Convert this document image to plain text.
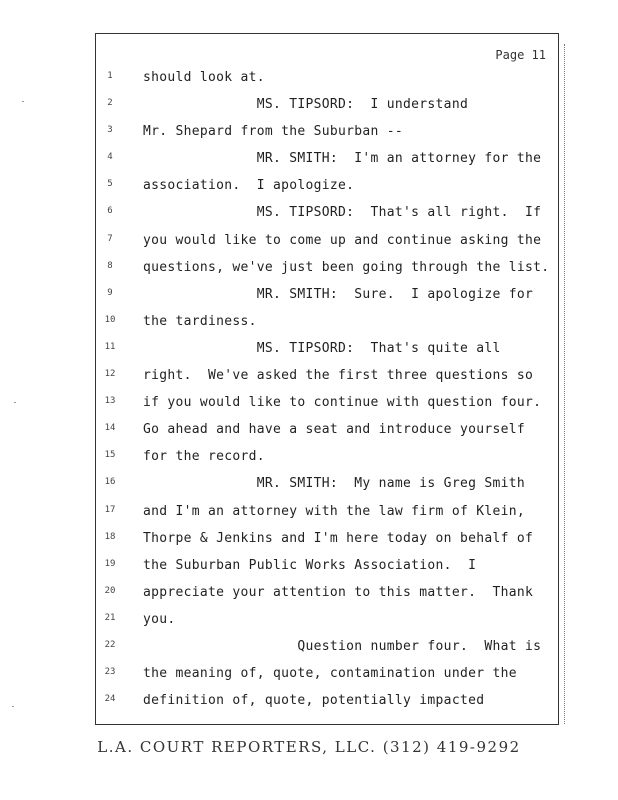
Page 11
1	should look at.
2	MS. TIPSORD:  I understand
3	Mr. Shepard from the Suburban --
4	MR. SMITH:  I'm an attorney for the
5	association.  I apologize.
6	MS. TIPSORD:  That's all right.  If
7	you would like to come up and continue asking the
8	questions, we've just been going through the list.
9	MR. SMITH:  Sure.  I apologize for
10	the tardiness.
11	MS. TIPSORD:  That's quite all
12	right.  We've asked the first three questions so
13	if you would like to continue with question four.
14	Go ahead and have a seat and introduce yourself
15	for the record.
16	MR. SMITH:  My name is Greg Smith
17	and I'm an attorney with the law firm of Klein,
18	Thorpe & Jenkins and I'm here today on behalf of
19	the Suburban Public Works Association.  I
20	appreciate your attention to this matter.  Thank
21	you.
22	Question number four.  What is
23	the meaning of, quote, contamination under the
24	definition of, quote, potentially impacted
L.A. COURT REPORTERS, LLC. (312) 419-9292
